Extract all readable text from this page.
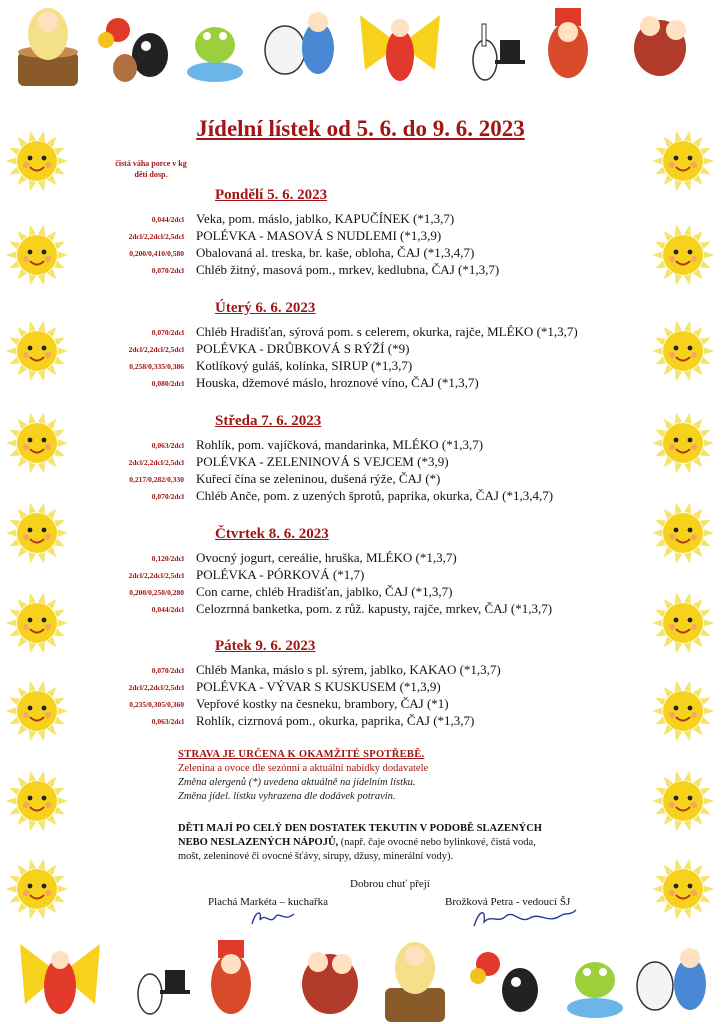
Jídelní lístek od 5. 6. do 9. 6. 2023
čistá váha porce v kg
děti dosp.
Pondělí 5. 6. 2023
0,044/2dcl Veka, pom. máslo, jablko, KAPUČÍNEK (*1,3,7)
2dcl/2,2dcl/2,5dcl POLÉVKA - MASOVÁ S NUDLEMI (*1,3,9)
0,200/0,410/0,580 Obalovaná al. treska, br. kaše, obloha, ČAJ (*1,3,4,7)
0,070/2dcl Chléb žitný, masová pom., mrkev, kedlubna, ČAJ (*1,3,7)
Úterý 6. 6. 2023
0,070/2dcl Chléb Hradišťan, sýrová pom. s celerem, okurka, rajče, MLÉKO (*1,3,7)
2dcl/2,2dcl/2,5dcl POLÉVKA - DRŮBKOVÁ S RÝŽÍ (*9)
0,258/0,335/0,386 Kotlíkový guláš, kolínka, SIRUP (*1,3,7)
0,080/2dcl Houska, džemové máslo, hroznové víno, ČAJ (*1,3,7)
Středa 7. 6. 2023
0,063/2dcl Rohlík, pom. vajíčková, mandarinka, MLÉKO (*1,3,7)
2dcl/2,2dcl/2,5dcl POLÉVKA - ZELENINOVÁ S VEJCEM (*3,9)
0,217/0,282/0,330 Kuřecí čína se zeleninou, dušená rýže, ČAJ (*)
0,070/2dcl Chléb Anče, pom. z uzených šprotů, paprika, okurka, ČAJ (*1,3,4,7)
Čtvrtek 8. 6. 2023
0,120/2dcl Ovocný jogurt, cereálie, hruška, MLÉKO (*1,3,7)
2dcl/2,2dcl/2,5dcl POLÉVKA - PÓRKOVÁ (*1,7)
0,200/0,250/0,280 Con carne, chléb Hradišťan, jablko, ČAJ (*1,3,7)
0,044/2dcl Celozrnná banketka, pom. z růž. kapusty, rajče, mrkev, ČAJ (*1,3,7)
Pátek 9. 6. 2023
0,070/2dcl Chléb Manka, máslo s pl. sýrem, jablko, KAKAO (*1,3,7)
2dcl/2,2dcl/2,5dcl POLÉVKA - VÝVAR S KUSKUSEM (*1,3,9)
0,235/0,305/0,360 Vepřové kostky na česneku, brambory, ČAJ (*1)
0,063/2dcl Rohlík, cizrnová pom., okurka, paprika, ČAJ (*1,3,7)
STRAVA JE URČENA K OKAMŽITÉ SPOTŘEBĚ.
Zelenina a ovoce dle sezónní a aktuální nabídky dodavatele
Změna alergenů (*) uvedena aktuálně na jídelním lístku.
Změna jídel. lístku vyhrazena dle dodávek potravin.
DĚTI MAJÍ PO CELÝ DEN DOSTATEK TEKUTIN V PODOBĚ SLAZENÝCH
NEBO NESLAZENÝCH NÁPOJŮ, (např. čaje ovocné nebo bylinkové, čistá voda,
mošt, zeleninové či ovocné šťávy, sirupy, džusy, minerální vody).
Dobrou chuť přejí
Plachá Markéta – kuchařka	Brožková Petra - vedoucí ŠJ
